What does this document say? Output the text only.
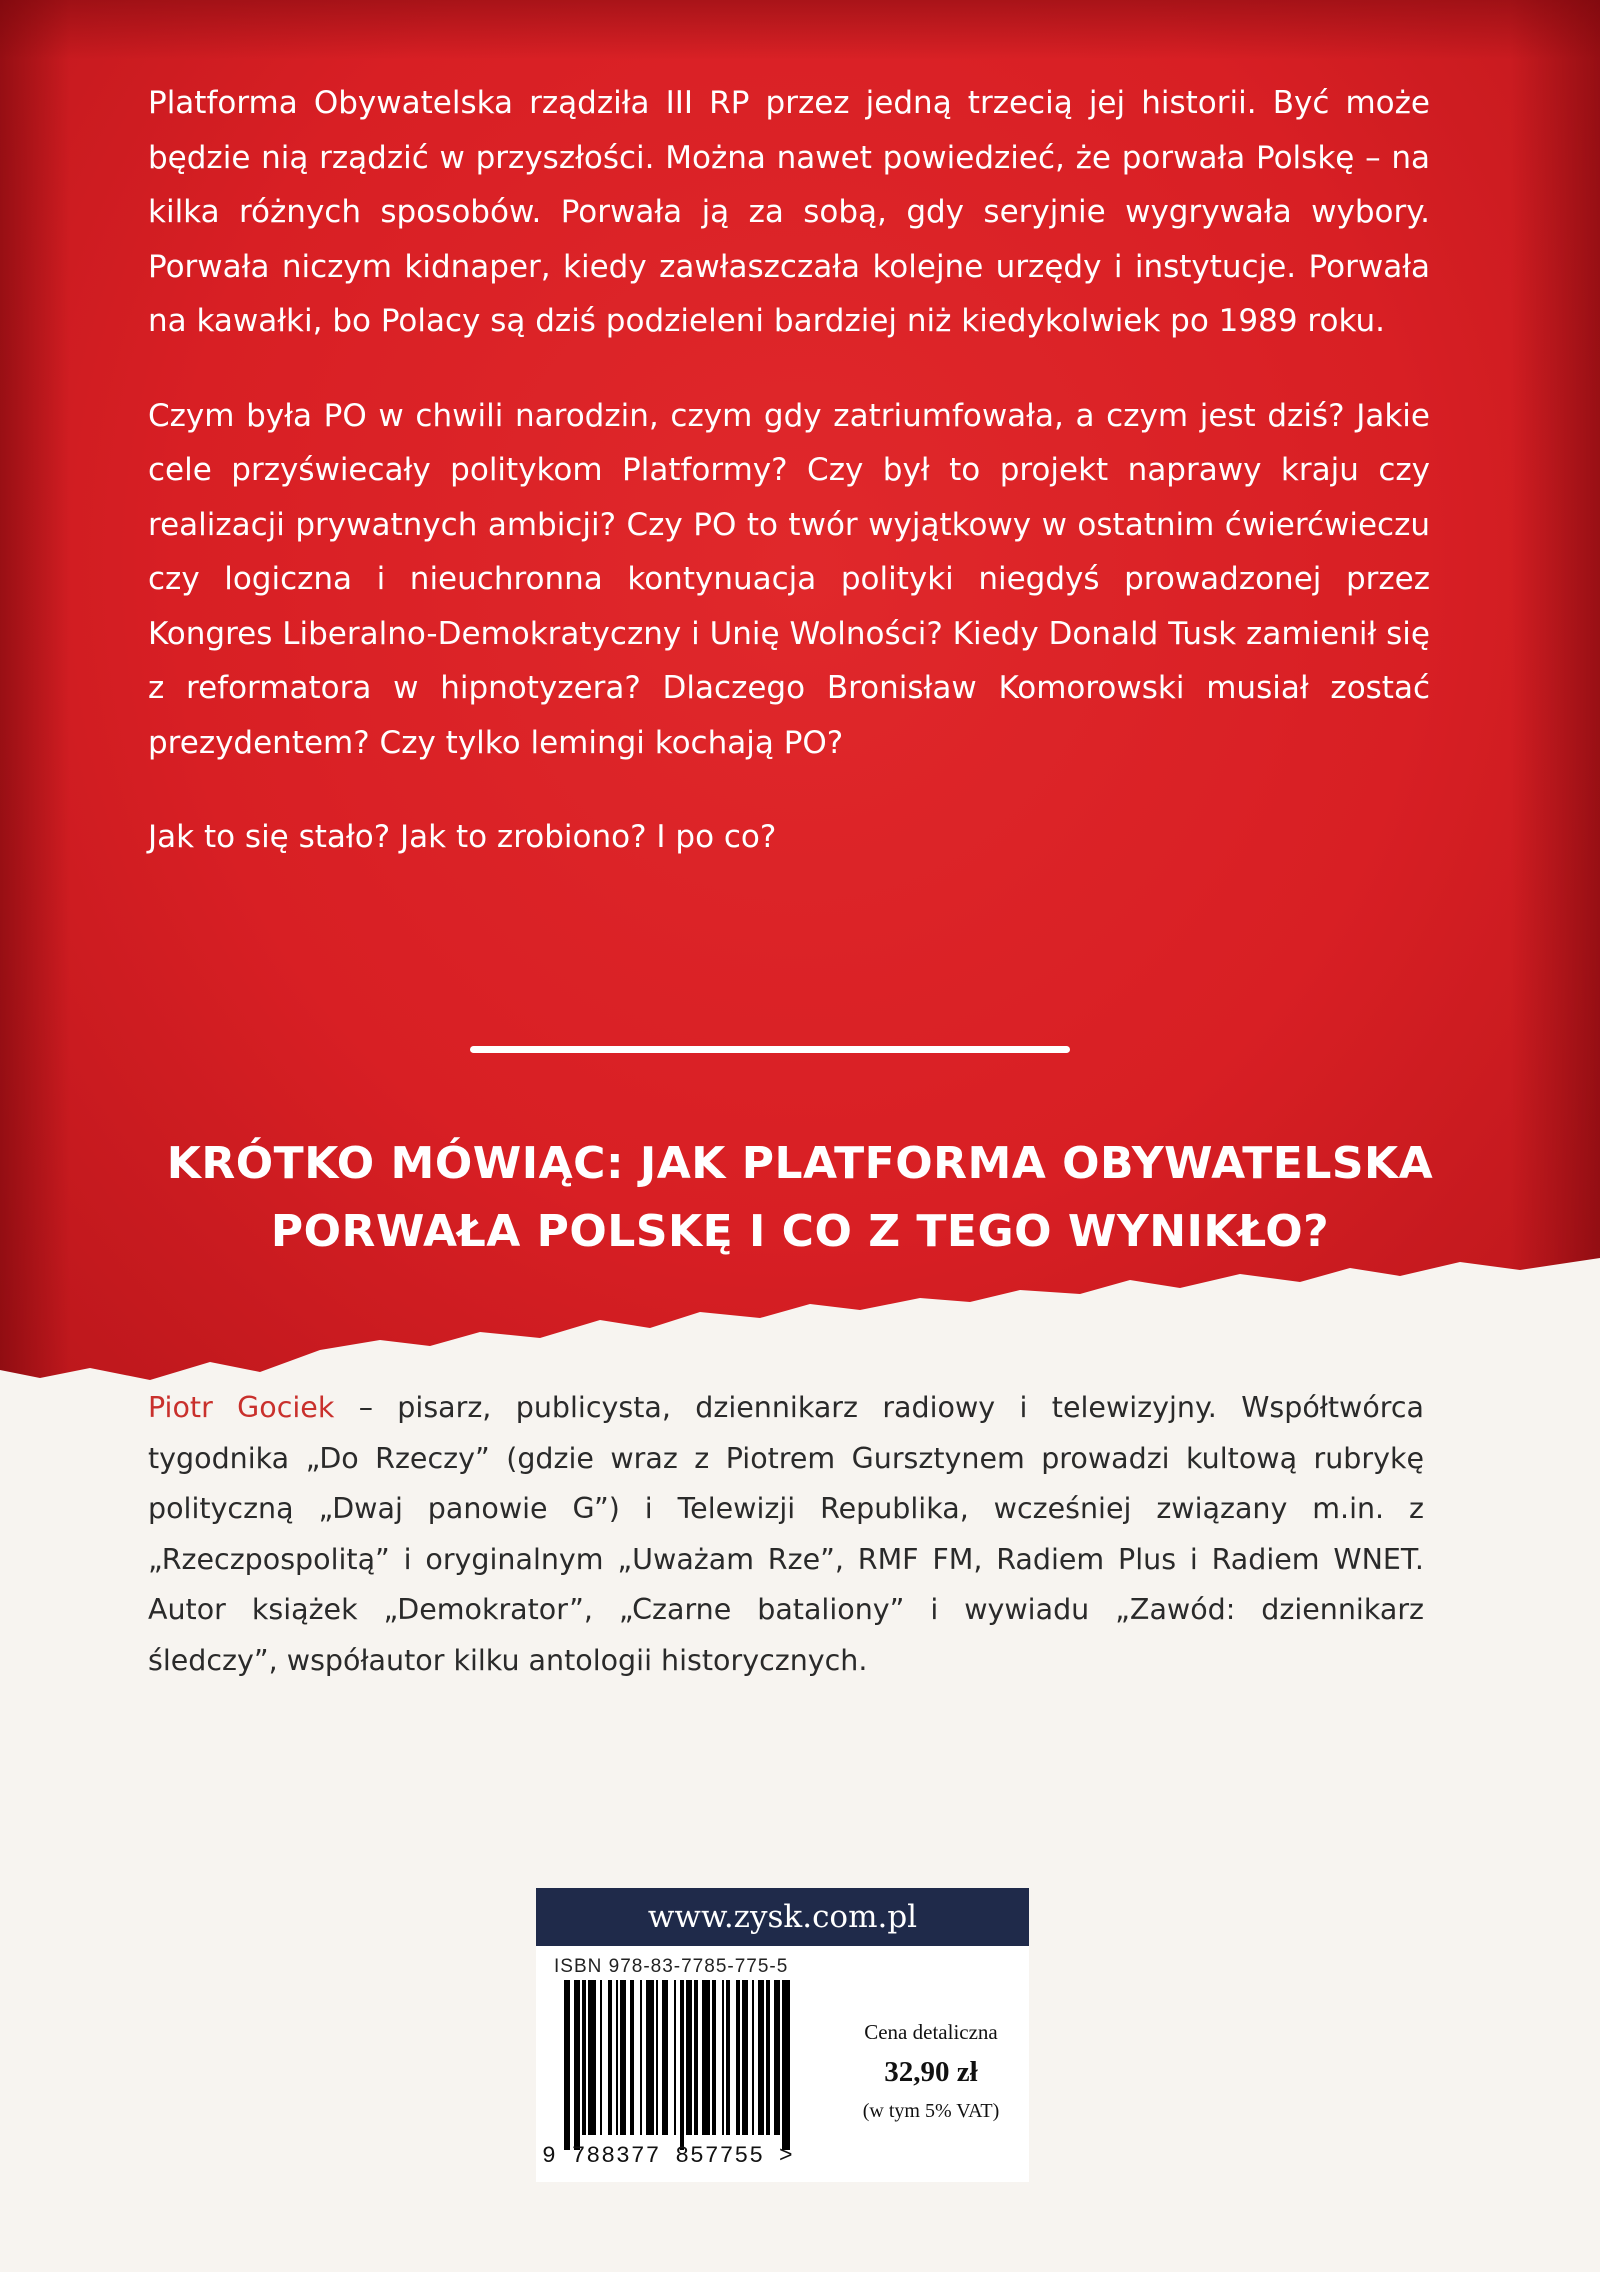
Platforma Obywatelska rządziła III RP przez jedną trzecią jej historii. Być może będzie nią rządzić w przyszłości. Można nawet powiedzieć, że porwała Polskę – na kilka różnych sposobów. Porwała ją za sobą, gdy seryjnie wygrywała wybory. Porwała niczym kidnaper, kiedy zawłaszczała kolejne urzędy i instytucje. Porwała na kawałki, bo Polacy są dziś podzieleni bardziej niż kiedykolwiek po 1989 roku.

Czym była PO w chwili narodzin, czym gdy zatriumfowała, a czym jest dziś? Jakie cele przyświecały politykom Platformy? Czy był to projekt naprawy kraju czy realizacji prywatnych ambicji? Czy PO to twór wyjątkowy w ostatnim ćwierćwieczu czy logiczna i nieuchronna kontynuacja polityki niegdyś prowadzonej przez Kongres Liberalno-Demokratyczny i Unię Wolności? Kiedy Donald Tusk zamienił się z reformatora w hipnotyzera? Dlaczego Bronisław Komorowski musiał zostać prezydentem? Czy tylko lemingi kochają PO?

Jak to się stało? Jak to zrobiono? I po co?

KRÓTKO MÓWIĄC: JAK PLATFORMA OBYWATELSKA
PORWAŁA POLSKĘ I CO Z TEGO WYNIKŁO?

Piotr Gociek – pisarz, publicysta, dziennikarz radiowy i telewizyjny. Współtwórca tygodnika „Do Rzeczy” (gdzie wraz z Piotrem Gursztynem prowadzi kultową rubrykę polityczną „Dwaj panowie G”) i Telewizji Republika, wcześniej związany m.in. z „Rzeczpospolitą” i oryginalnym „Uważam Rze”, RMF FM, Radiem Plus i Radiem WNET. Autor książek „Demokrator”, „Czarne bataliony” i wywiadu „Zawód: dziennikarz śledczy”, współautor kilku antologii historycznych.

www.zysk.com.pl
ISBN 978-83-7785-775-5
9 788377 857755 >
Cena detaliczna
32,90 zł
(w tym 5% VAT)
